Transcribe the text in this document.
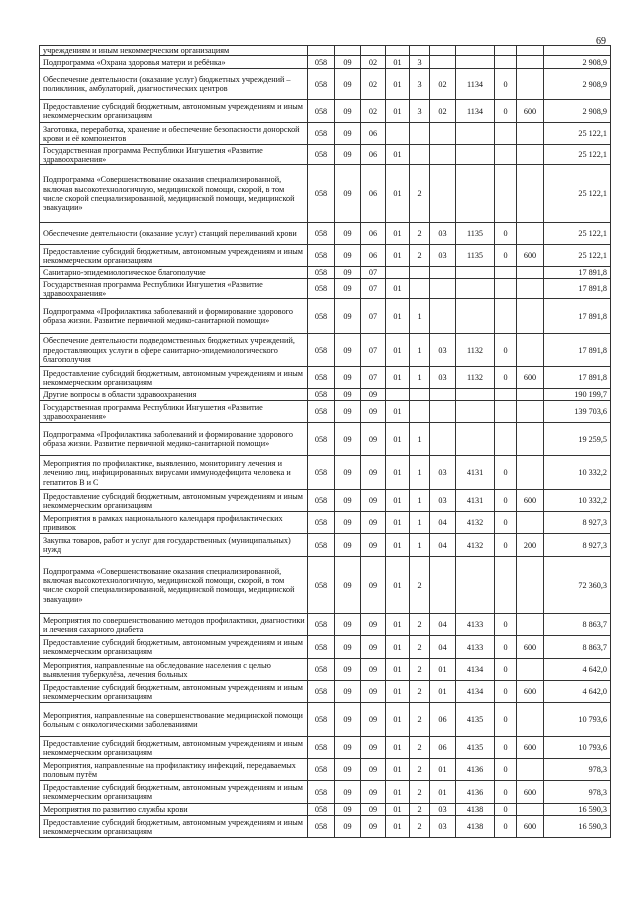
69
учреждениям и иным некоммерческим организациям										
Подпрограмма «Охрана здоровья матери и ребёнка»	058	09	02	01	3					2 908,9
Обеспечение деятельности (оказание услуг) бюджетных учреждений – поликлиник, амбулаторий, диагностических центров	058	09	02	01	3	02	1134	0		2 908,9
Предоставление субсидий бюджетным, автономным учреждениям и иным некоммерческим организациям	058	09	02	01	3	02	1134	0	600	2 908,9
Заготовка, переработка, хранение и обеспечение безопасности донорской крови и её компонентов	058	09	06							25 122,1
Государственная программа Республики Ингушетия «Развитие здравоохранения»	058	09	06	01						25 122,1
Подпрограмма «Совершенствование оказания специализированной, включая высокотехнологичную, медицинской помощи, скорой, в том числе скорой специализированной, медицинской помощи, медицинской эвакуации»	058	09	06	01	2					25 122,1
Обеспечение деятельности (оказание услуг) станций переливаний крови	058	09	06	01	2	03	1135	0		25 122,1
Предоставление субсидий бюджетным, автономным учреждениям и иным некоммерческим организациям	058	09	06	01	2	03	1135	0	600	25 122,1
Санитарно-эпидемиологическое благополучие	058	09	07							17 891,8
Государственная программа Республики Ингушетия «Развитие здравоохранения»	058	09	07	01						17 891,8
Подпрограмма «Профилактика заболеваний и формирование здорового образа жизни. Развитие первичной медико-санитарной помощи»	058	09	07	01	1					17 891,8
Обеспечение деятельности подведомственных бюджетных учреждений, предоставляющих услуги в сфере санитарно-эпидемиологического благополучия	058	09	07	01	1	03	1132	0		17 891,8
Предоставление субсидий бюджетным, автономным учреждениям и иным некоммерческим организациям	058	09	07	01	1	03	1132	0	600	17 891,8
Другие вопросы в области здравоохранения	058	09	09							190 199,7
Государственная программа Республики Ингушетия «Развитие здравоохранения»	058	09	09	01						139 703,6
Подпрограмма «Профилактика заболеваний и формирование здорового образа жизни. Развитие первичной медико-санитарной помощи»	058	09	09	01	1					19 259,5
Мероприятия по профилактике, выявлению, мониторингу лечения и лечению лиц, инфицированных вирусами иммунодефицита человека и гепатитов В и С	058	09	09	01	1	03	4131	0		10 332,2
Предоставление субсидий бюджетным, автономным учреждениям и иным некоммерческим организациям	058	09	09	01	1	03	4131	0	600	10 332,2
Мероприятия в рамках национального календаря профилактических прививок	058	09	09	01	1	04	4132	0		8 927,3
Закупка товаров, работ и услуг для государственных (муниципальных) нужд	058	09	09	01	1	04	4132	0	200	8 927,3
Подпрограмма «Совершенствование оказания специализированной, включая высокотехнологичную, медицинской помощи, скорой, в том числе скорой специализированной, медицинской помощи, медицинской эвакуации»	058	09	09	01	2					72 360,3
Мероприятия по совершенствованию методов профилактики, диагностики и лечения сахарного диабета	058	09	09	01	2	04	4133	0		8 863,7
Предоставление субсидий бюджетным, автономным учреждениям и иным некоммерческим организациям	058	09	09	01	2	04	4133	0	600	8 863,7
Мероприятия, направленные на обследование населения с целью выявления туберкулёза, лечения больных	058	09	09	01	2	01	4134	0		4 642,0
Предоставление субсидий бюджетным, автономным учреждениям и иным некоммерческим организациям	058	09	09	01	2	01	4134	0	600	4 642,0
Мероприятия, направленные на совершенствование медицинской помощи больным с онкологическими заболеваниями	058	09	09	01	2	06	4135	0		10 793,6
Предоставление субсидий бюджетным, автономным учреждениям и иным некоммерческим организациям	058	09	09	01	2	06	4135	0	600	10 793,6
Мероприятия, направленные на профилактику инфекций, передаваемых половым путём	058	09	09	01	2	01	4136	0		978,3
Предоставление субсидий бюджетным, автономным учреждениям и иным некоммерческим организациям	058	09	09	01	2	01	4136	0	600	978,3
Мероприятия по развитию службы крови	058	09	09	01	2	03	4138	0		16 590,3
Предоставление субсидий бюджетным, автономным учреждениям и иным некоммерческим организациям	058	09	09	01	2	03	4138	0	600	16 590,3
